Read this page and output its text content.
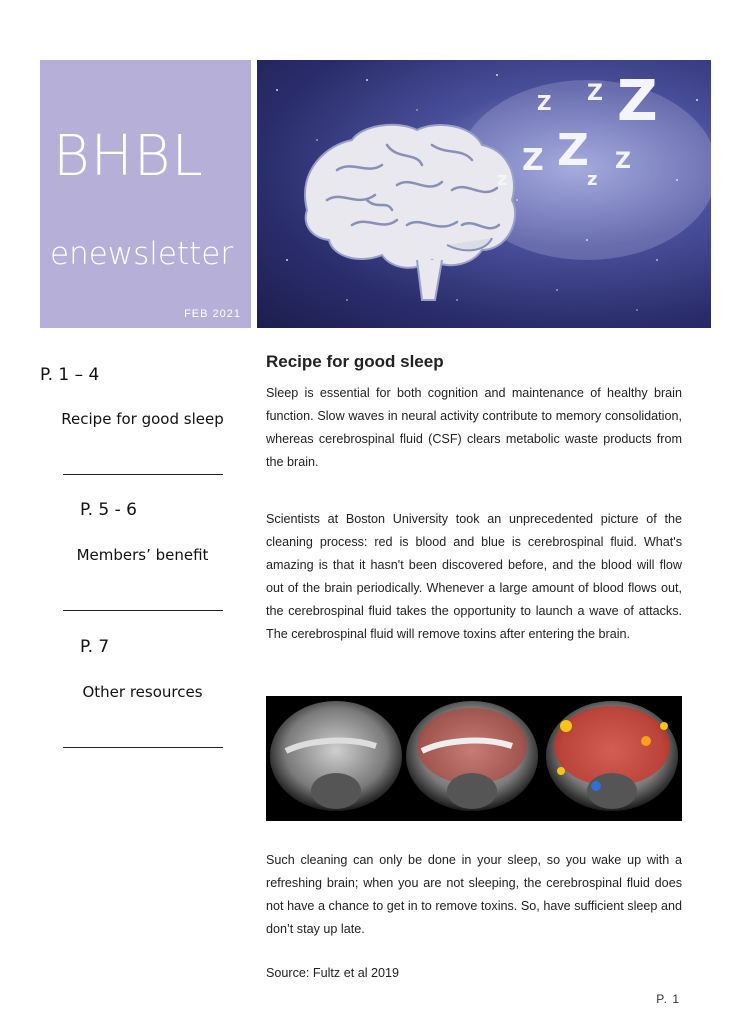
BHBL
enewsletter
FEB 2021
Z
Z
Z
Z
Z
z	z
Z
P. 1 – 4
Recipe for good sleep
P. 5 - 6
Members’ benefit
P. 7
Other resources
Recipe for good sleep

Sleep is essential for both cognition and maintenance of healthy brain function. Slow waves in neural activity contribute to memory consolidation, whereas cerebrospinal fluid (CSF) clears metabolic waste products from the brain.

Scientists at Boston University took an unprecedented picture of the cleaning process: red is blood and blue is cerebrospinal fluid. What's amazing is that it hasn't been discovered before, and the blood will flow out of the brain periodically. Whenever a large amount of blood flows out, the cerebrospinal fluid takes the opportunity to launch a wave of attacks. The cerebrospinal fluid will remove toxins after entering the brain.

Such cleaning can only be done in your sleep, so you wake up with a refreshing brain; when you are not sleeping, the cerebrospinal fluid does not have a chance to get in to remove toxins. So, have sufficient sleep and don’t stay up late.

Source: Fultz et al 2019
P. 1
